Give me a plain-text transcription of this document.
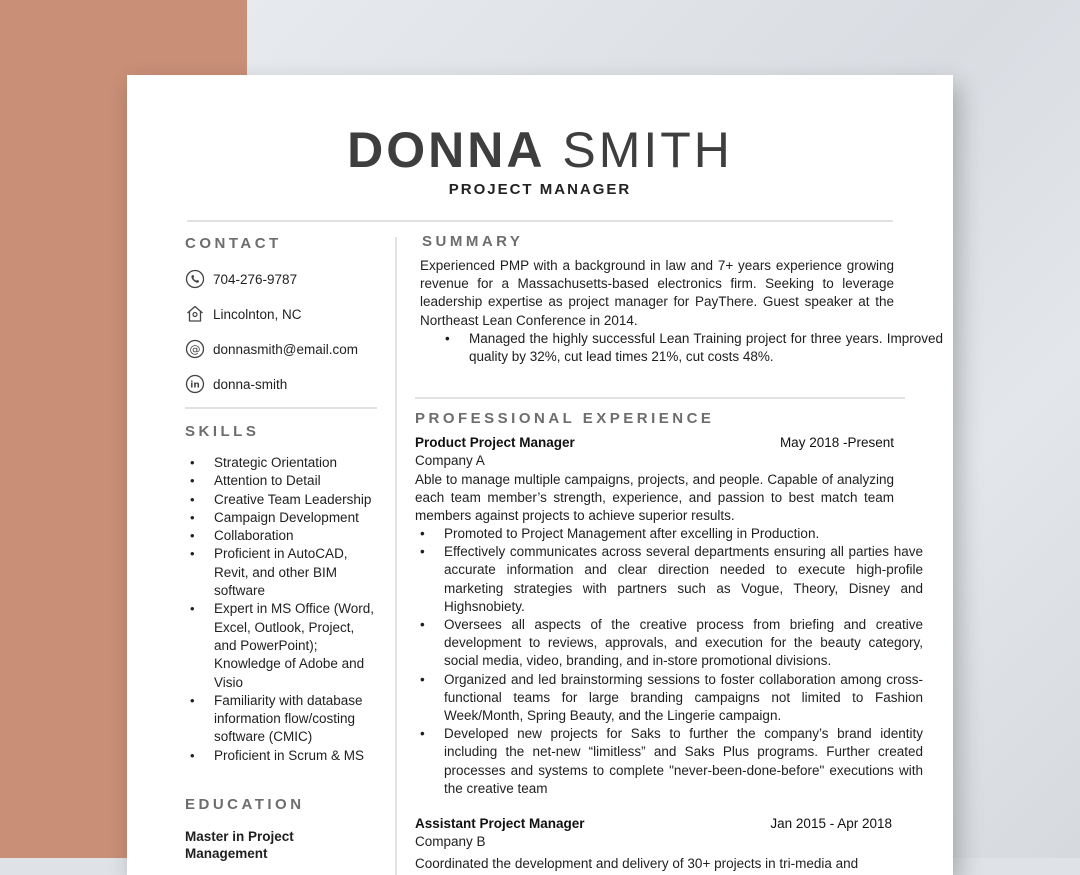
DONNA SMITH
PROJECT MANAGER
CONTACT
704-276-9787
Lincolnton, NC
@ donnasmith@email.com
in donna-smith
SKILLS
• Strategic Orientation
• Attention to Detail
• Creative Team Leadership
• Campaign Development
• Collaboration
• Proficient in AutoCAD, Revit, and other BIM software
• Expert in MS Office (Word, Excel, Outlook, Project, and PowerPoint); Knowledge of Adobe and Visio
• Familiarity with database information flow/costing software (CMIC)
• Proficient in Scrum & MS
EDUCATION
Master in Project Management
SUMMARY

Experienced PMP with a background in law and 7+ years experience growing revenue for a Massachusetts-based electronics firm. Seeking to leverage leadership expertise as project manager for PayThere. Guest speaker at the Northeast Lean Conference in 2014.

• Managed the highly successful Lean Training project for three years. Improved quality by 32%, cut lead times 21%, cut costs 48%.
PROFESSIONAL EXPERIENCE
Product Project Manager	May 2018 -Present
Company A

Able to manage multiple campaigns, projects, and people. Capable of analyzing each team member’s strength, experience, and passion to best match team members against projects to achieve superior results.

• Promoted to Project Management after excelling in Production.
• Effectively communicates across several departments ensuring all parties have accurate information and clear direction needed to execute high-profile marketing strategies with partners such as Vogue, Theory, Disney and Highsnobiety.
• Oversees all aspects of the creative process from briefing and creative development to reviews, approvals, and execution for the beauty category, social media, video, branding, and in-store promotional divisions.
• Organized and led brainstorming sessions to foster collaboration among cross-functional teams for large branding campaigns not limited to Fashion Week/Month, Spring Beauty, and the Lingerie campaign.
• Developed new projects for Saks to further the company’s brand identity including the net-new “limitless” and Saks Plus programs. Further created processes and systems to complete "never-been-done-before" executions with the creative team
Assistant Project Manager	Jan 2015 - Apr 2018
Company B
Coordinated the development and delivery of 30+ projects in tri-media and
